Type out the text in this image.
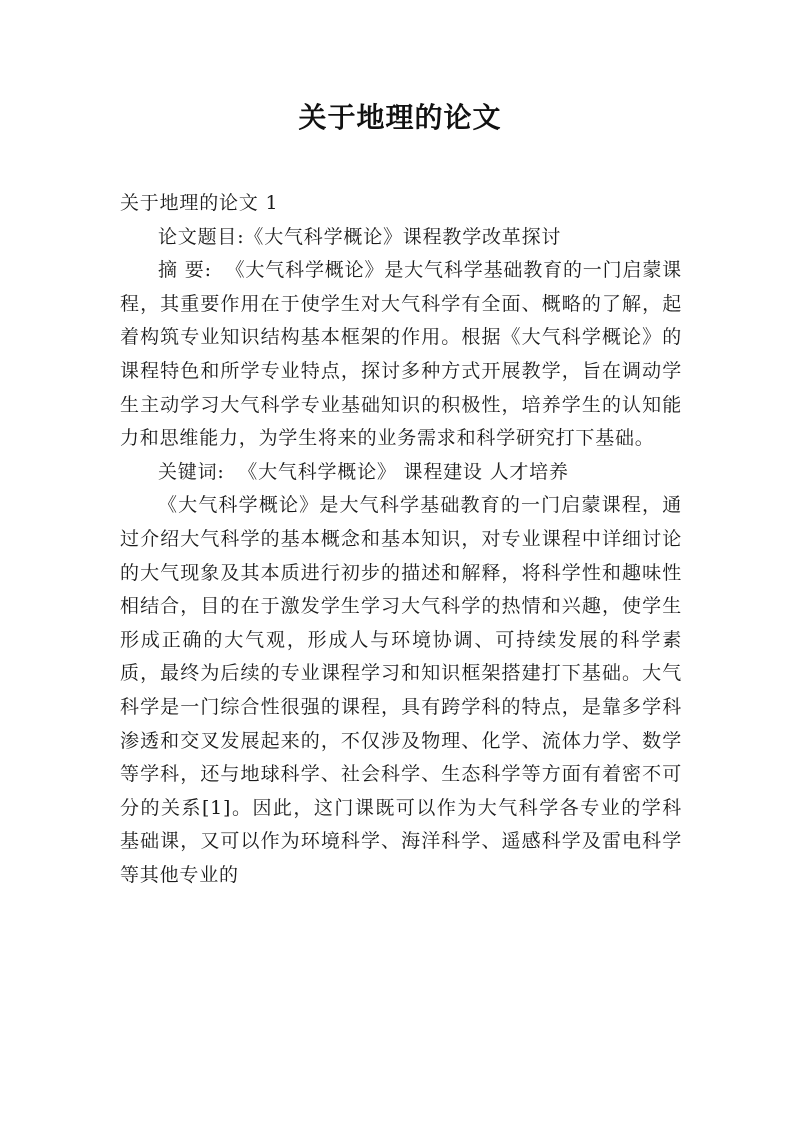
关于地理的论文

关于地理的论文 1

论文题目:《大气科学概论》课程教学改革探讨

摘 要: 《大气科学概论》是大气科学基础教育的一门启蒙课程，其重要作用在于使学生对大气科学有全面、概略的了解，起着构筑专业知识结构基本框架的作用。根据《大气科学概论》的课程特色和所学专业特点，探讨多种方式开展教学，旨在调动学生主动学习大气科学专业基础知识的积极性，培养学生的认知能力和思维能力，为学生将来的业务需求和科学研究打下基础。

关键词: 《大气科学概论》 课程建设 人才培养

《大气科学概论》是大气科学基础教育的一门启蒙课程，通过介绍大气科学的基本概念和基本知识，对专业课程中详细讨论的大气现象及其本质进行初步的描述和解释，将科学性和趣味性相结合，目的在于激发学生学习大气科学的热情和兴趣，使学生形成正确的大气观，形成人与环境协调、可持续发展的科学素质，最终为后续的专业课程学习和知识框架搭建打下基础。大气科学是一门综合性很强的课程，具有跨学科的特点，是靠多学科渗透和交叉发展起来的，不仅涉及物理、化学、流体力学、数学等学科，还与地球科学、社会科学、生态科学等方面有着密不可分的关系[1]。因此，这门课既可以作为大气科学各专业的学科基础课，又可以作为环境科学、海洋科学、遥感科学及雷电科学等其他专业的
